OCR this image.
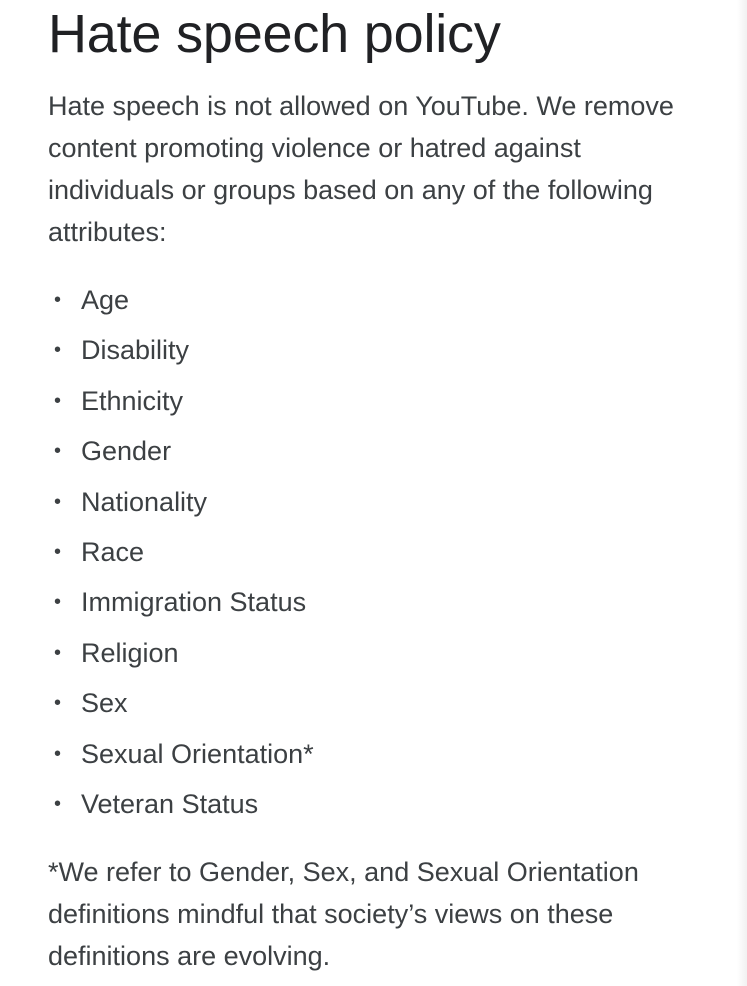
Hate speech policy

Hate speech is not allowed on YouTube. We remove content promoting violence or hatred against individuals or groups based on any of the following attributes:

• Age
• Disability
• Ethnicity
• Gender
• Nationality
• Race
• Immigration Status
• Religion
• Sex
• Sexual Orientation*
• Veteran Status

*We refer to Gender, Sex, and Sexual Orientation definitions mindful that society’s views on these definitions are evolving.
